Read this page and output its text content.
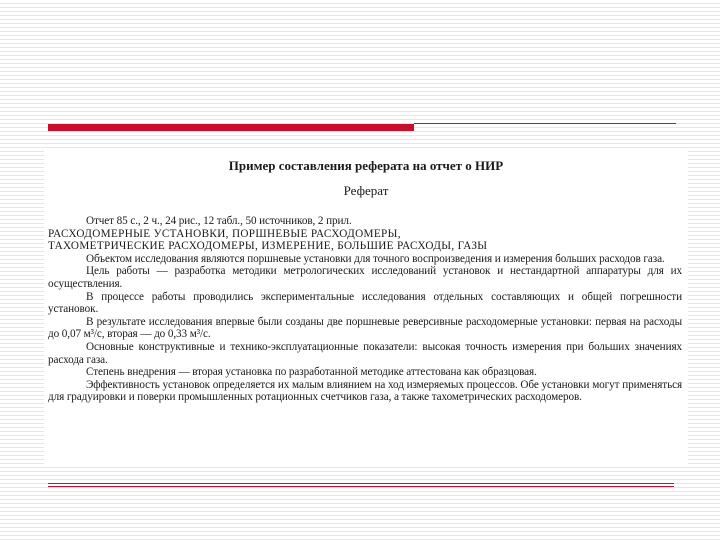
Пример составления реферата на отчет о НИР
Реферат

Отчет 85 с., 2 ч., 24 рис., 12 табл., 50 источников, 2 прил.

РАСХОДОМЕРНЫЕ УСТАНОВКИ, ПОРШНЕВЫЕ РАСХОДОМЕРЫ,

ТАХОМЕТРИЧЕСКИЕ РАСХОДОМЕРЫ, ИЗМЕРЕНИЕ, БОЛЬШИЕ РАСХОДЫ, ГАЗЫ

Объектом исследования являются поршневые установки для точного воспроизведения и измерения больших расходов газа.

Цель работы — разработка методики метрологических исследований установок и нестандартной аппаратуры для их осуществления.

В процессе работы проводились экспериментальные исследования отдельных составляющих и общей погрешности установок.

В результате исследования впервые были созданы две поршневые реверсивные расходомерные установки: первая на расходы до 0,07 м³/с, вторая — до 0,33 м³/с.

Основные конструктивные и технико-эксплуатационные показатели: высокая точность измерения при больших значениях расхода газа.

Степень внедрения — вторая установка по разработанной методике аттестована как образцовая.

Эффективность установок определяется их малым влиянием на ход измеряемых процессов. Обе установки могут применяться для градуировки и поверки промышленных ротационных счетчиков газа, а также тахометрических расходомеров.
